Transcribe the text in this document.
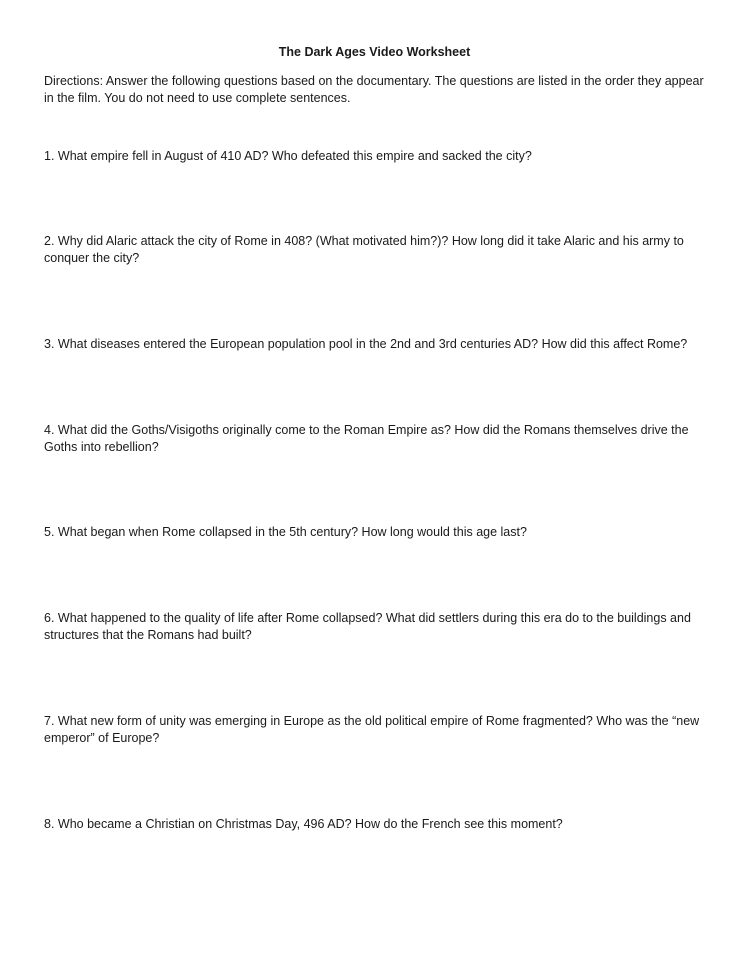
The Dark Ages Video Worksheet
Directions: Answer the following questions based on the documentary. The questions are listed in the order they appear in the film. You do not need to use complete sentences.
1. What empire fell in August of 410 AD? Who defeated this empire and sacked the city?
2. Why did Alaric attack the city of Rome in 408? (What motivated him?)? How long did it take Alaric and his army to conquer the city?
3. What diseases entered the European population pool in the 2nd and 3rd centuries AD? How did this affect Rome?
4. What did the Goths/Visigoths originally come to the Roman Empire as? How did the Romans themselves drive the Goths into rebellion?
5. What began when Rome collapsed in the 5th century? How long would this age last?
6. What happened to the quality of life after Rome collapsed? What did settlers during this era do to the buildings and structures that the Romans had built?
7. What new form of unity was emerging in Europe as the old political empire of Rome fragmented? Who was the “new emperor” of Europe?
8. Who became a Christian on Christmas Day, 496 AD? How do the French see this moment?
